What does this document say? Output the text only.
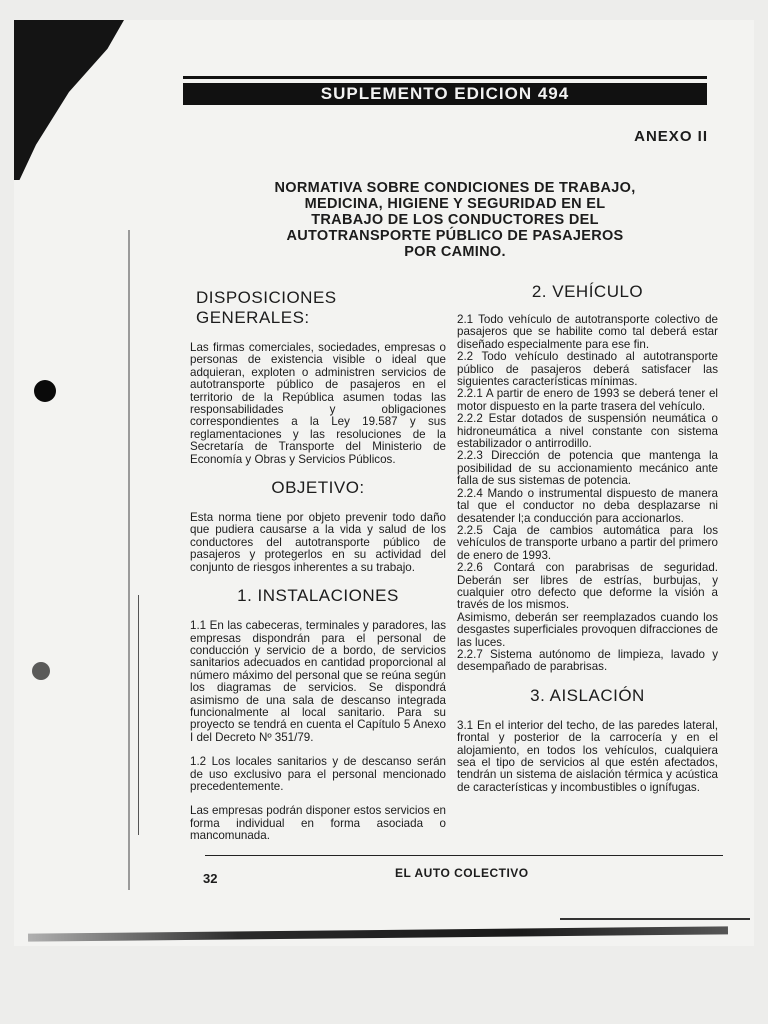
SUPLEMENTO EDICION 494
ANEXO II
NORMATIVA SOBRE CONDICIONES DE TRABAJO, MEDICINA, HIGIENE Y SEGURIDAD EN EL TRABAJO DE LOS CONDUCTORES DEL AUTOTRANSPORTE PÚBLICO DE PASAJEROS POR CAMINO.
DISPOSICIONES GENERALES:

Las firmas comerciales, sociedades, empresas o personas de existencia visible o ideal que adquieran, exploten o administren servicios de autotransporte público de pasajeros en el territorio de la República asumen todas las responsabilidades y obligaciones correspondientes a la Ley 19.587 y sus reglamentaciones y las resoluciones de la Secretaría de Transporte del Ministerio de Economía y Obras y Servicios Públicos.

OBJETIVO:

Esta norma tiene por objeto prevenir todo daño que pudiera causarse a la vida y salud de los conductores del autotransporte público de pasajeros y protegerlos en su actividad del conjunto de riesgos inherentes a su trabajo.

1. INSTALACIONES

1.1 En las cabeceras, terminales y paradores, las empresas dispondrán para el personal de conducción y servicio de a bordo, de servicios sanitarios adecuados en cantidad proporcional al número máximo del personal que se reúna según los diagramas de servicios. Se dispondrá asimismo de una sala de descanso integrada funcionalmente al local sanitario. Para su proyecto se tendrá en cuenta el Capítulo 5 Anexo I del Decreto Nº 351/79.

1.2 Los locales sanitarios y de descanso serán de uso exclusivo para el personal mencionado precedentemente.

Las empresas podrán disponer estos servicios en forma individual en forma asociada o mancomunada.

2. VEHÍCULO

2.1 Todo vehículo de autotransporte colectivo de pasajeros que se habilite como tal deberá estar diseñado especialmente para ese fin.

2.2 Todo vehículo destinado al autotransporte público de pasajeros deberá satisfacer las siguientes características mínimas.

2.2.1 A partir de enero de 1993 se deberá tener el motor dispuesto en la parte trasera del vehículo.

2.2.2 Estar dotados de suspensión neumática o hidroneumática a nivel constante con sistema estabilizador o antirrodillo.

2.2.3 Dirección de potencia que mantenga la posibilidad de su accionamiento mecánico ante falla de sus sistemas de potencia.

2.2.4 Mando o instrumental dispuesto de manera tal que el conductor no deba desplazarse ni desatender l;a conducción para accionarlos.

2.2.5 Caja de cambios automática para los vehículos de transporte urbano a partir del primero de enero de 1993.

2.2.6 Contará con parabrisas de seguridad. Deberán ser libres de estrías, burbujas, y cualquier otro defecto que deforme la visión a través de los mismos.

Asimismo, deberán ser reemplazados cuando los desgastes superficiales provoquen difracciones de las luces.

2.2.7 Sistema autónomo de limpieza, lavado y desempañado de parabrisas.

3. AISLACIÓN

3.1 En el interior del techo, de las paredes lateral, frontal y posterior de la carrocería y en el alojamiento, en todos los vehículos, cualquiera sea el tipo de servicios al que estén afectados, tendrán un sistema de aislación térmica y acústica de características y incombustibles o ignífugas.

32	EL AUTO COLECTIVO
